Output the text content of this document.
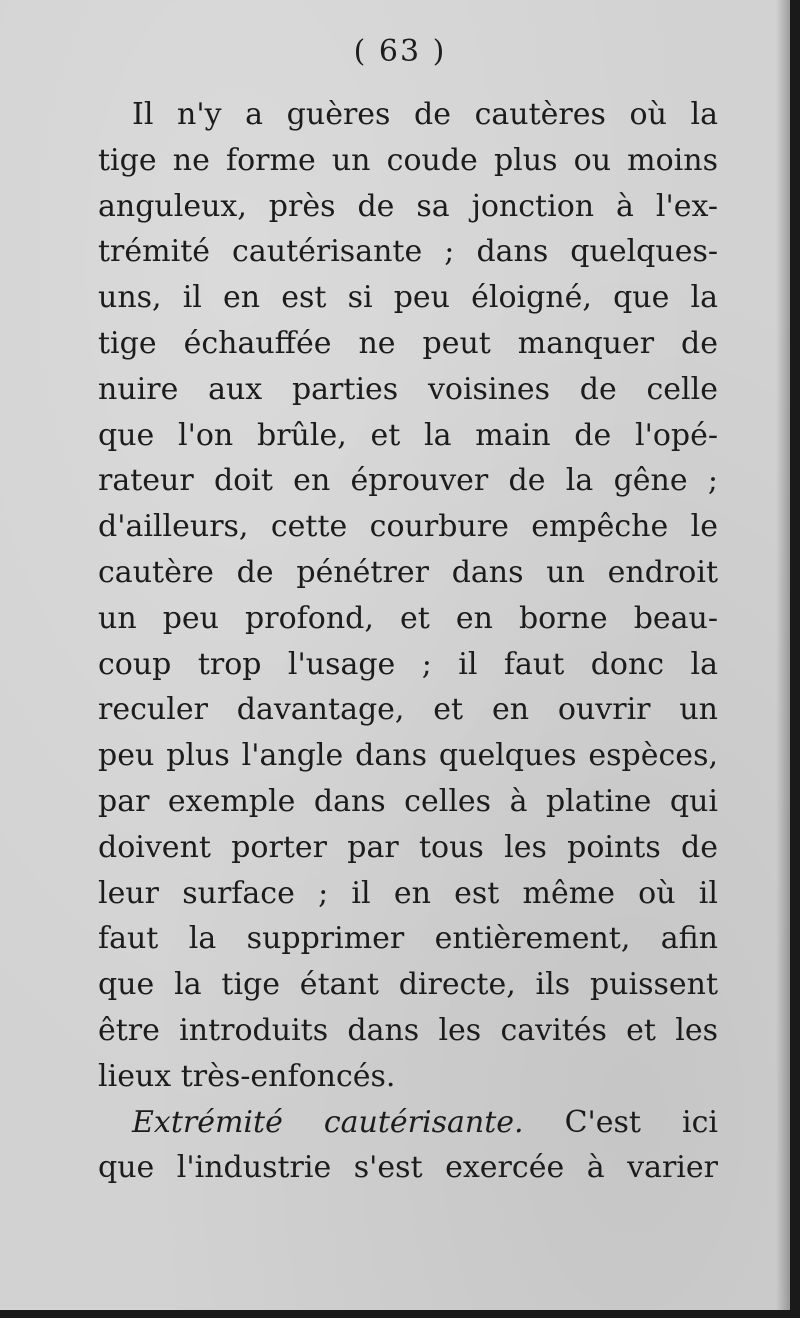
( 63 )
Il n'y a guères de cautères où la
tige ne forme un coude plus ou moins
anguleux, près de sa jonction à l'ex-
trémité cautérisante ; dans quelques-
uns, il en est si peu éloigné, que la
tige échauffée ne peut manquer de
nuire aux parties voisines de celle
que l'on brûle, et la main de l'opé-
rateur doit en éprouver de la gêne ;
d'ailleurs, cette courbure empêche le
cautère de pénétrer dans un endroit
un peu profond, et en borne beau-
coup trop l'usage ; il faut donc la
reculer davantage, et en ouvrir un
peu plus l'angle dans quelques espèces,
par exemple dans celles à platine qui
doivent porter par tous les points de
leur surface ; il en est même où il
faut la supprimer entièrement, afin
que la tige étant directe, ils puissent
être introduits dans les cavités et les
lieux très-enfoncés.
Extrémité cautérisante. C'est ici
que l'industrie s'est exercée à varier
